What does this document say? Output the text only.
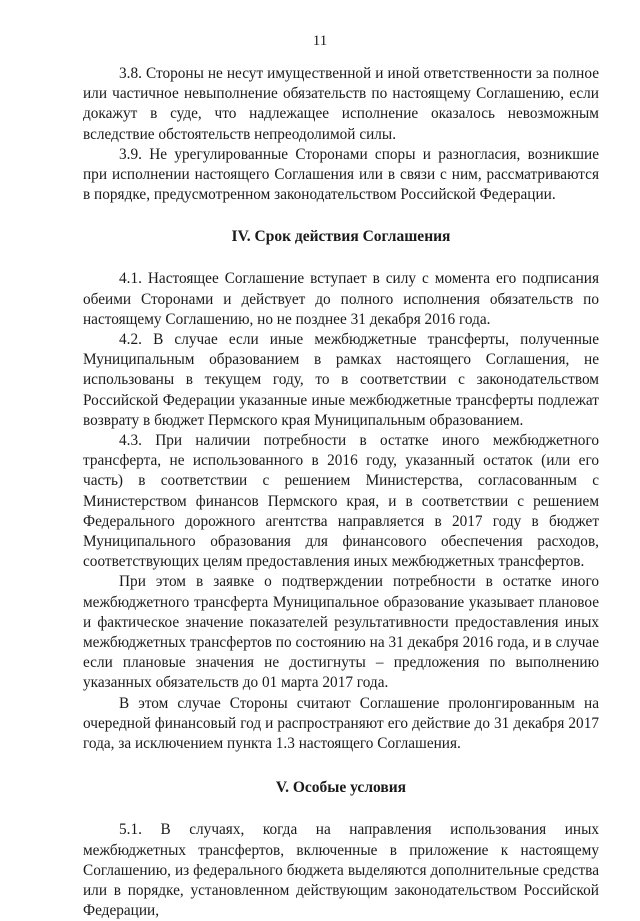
11

3.8. Стороны не несут имущественной и иной ответственности за полное или частичное невыполнение обязательств по настоящему Соглашению, если докажут в суде, что надлежащее исполнение оказалось невозможным вследствие обстоятельств непреодолимой силы.

3.9. Не урегулированные Сторонами споры и разногласия, возникшие при исполнении настоящего Соглашения или в связи с ним, рассматриваются в порядке, предусмотренном законодательством Российской Федерации.

IV. Срок действия Соглашения

4.1. Настоящее Соглашение вступает в силу с момента его подписания обеими Сторонами и действует до полного исполнения обязательств по настоящему Соглашению, но не позднее 31 декабря 2016 года.

4.2. В случае если иные межбюджетные трансферты, полученные Муниципальным образованием в рамках настоящего Соглашения, не использованы в текущем году, то в соответствии с законодательством Российской Федерации указанные иные межбюджетные трансферты подлежат возврату в бюджет Пермского края Муниципальным образованием.

4.3. При наличии потребности в остатке иного межбюджетного трансферта, не использованного в 2016 году, указанный остаток (или его часть) в соответствии с решением Министерства, согласованным с Министерством финансов Пермского края, и в соответствии с решением Федерального дорожного агентства направляется в 2017 году в бюджет Муниципального образования для финансового обеспечения расходов, соответствующих целям предоставления иных межбюджетных трансфертов.

При этом в заявке о подтверждении потребности в остатке иного межбюджетного трансферта Муниципальное образование указывает плановое и фактическое значение показателей результативности предоставления иных межбюджетных трансфертов по состоянию на 31 декабря 2016 года, и в случае если плановые значения не достигнуты – предложения по выполнению указанных обязательств до 01 марта 2017 года.

В этом случае Стороны считают Соглашение пролонгированным на очередной финансовый год и распространяют его действие до 31 декабря 2017 года, за исключением пункта 1.3 настоящего Соглашения.

V. Особые условия

5.1. В случаях, когда на направления использования иных межбюджетных трансфертов, включенные в приложение к настоящему Соглашению, из федерального бюджета выделяются дополнительные средства или в порядке, установленном действующим законодательством Российской Федерации,
